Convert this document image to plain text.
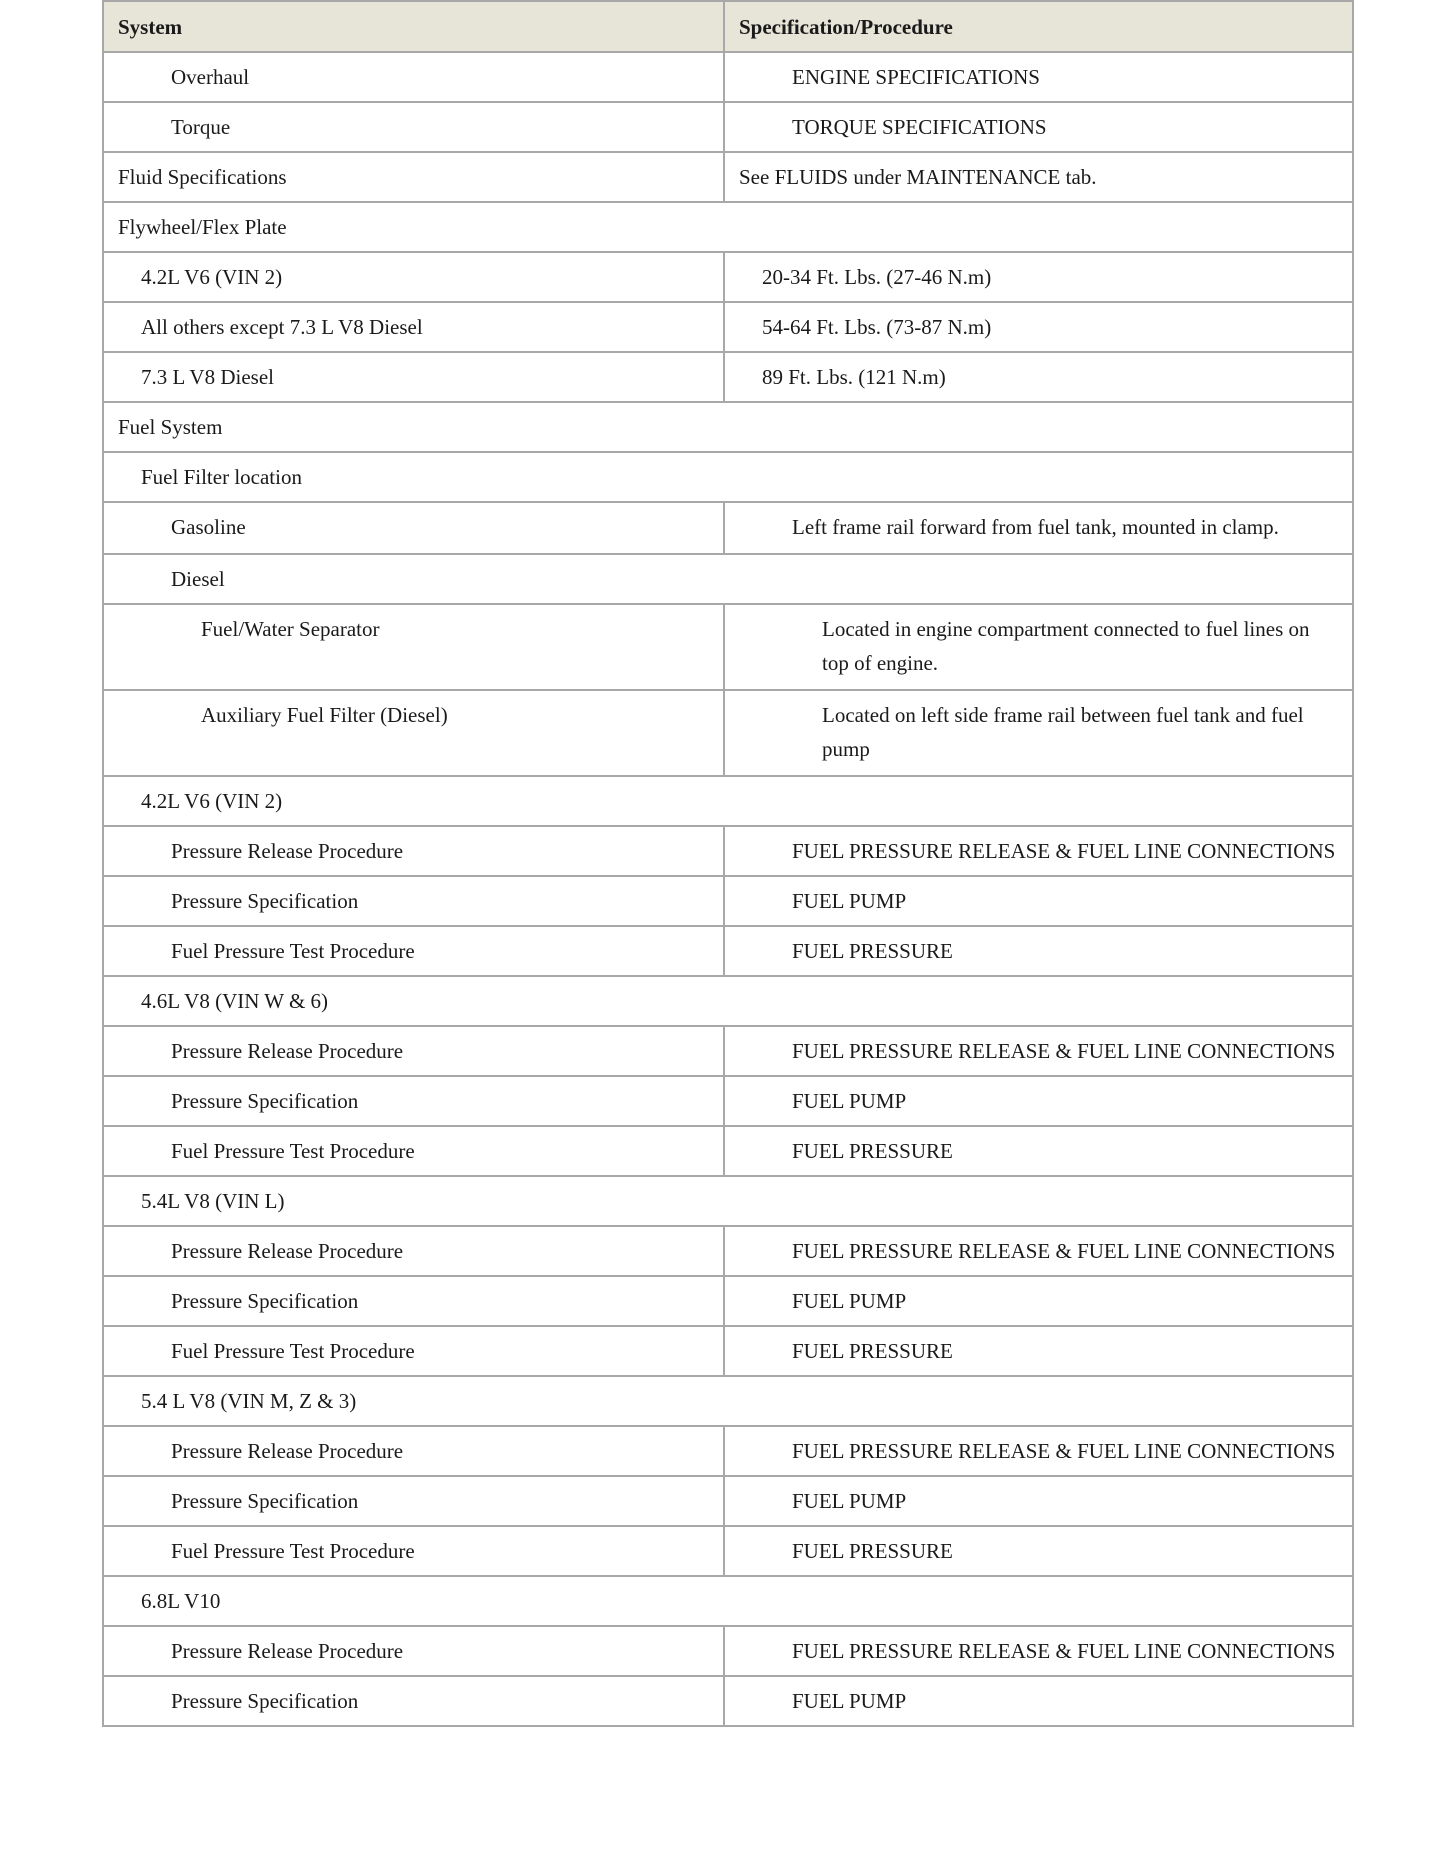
System	Specification/Procedure
Overhaul	ENGINE SPECIFICATIONS
Torque	TORQUE SPECIFICATIONS
Fluid Specifications	See FLUIDS under MAINTENANCE tab.
Flywheel/Flex Plate	
4.2L V6 (VIN 2)	20-34 Ft. Lbs. (27-46 N.m)
All others except 7.3 L V8 Diesel	54-64 Ft. Lbs. (73-87 N.m)
7.3 L V8 Diesel	89 Ft. Lbs. (121 N.m)
Fuel System	
Fuel Filter location	
Gasoline	Left frame rail forward from fuel tank, mounted in clamp.
Diesel	
Fuel/Water Separator	Located in engine compartment connected to fuel lines on top of engine.
Auxiliary Fuel Filter (Diesel)	Located on left side frame rail between fuel tank and fuel pump
4.2L V6 (VIN 2)	
Pressure Release Procedure	FUEL PRESSURE RELEASE & FUEL LINE CONNECTIONS
Pressure Specification	FUEL PUMP
Fuel Pressure Test Procedure	FUEL PRESSURE
4.6L V8 (VIN W & 6)	
Pressure Release Procedure	FUEL PRESSURE RELEASE & FUEL LINE CONNECTIONS
Pressure Specification	FUEL PUMP
Fuel Pressure Test Procedure	FUEL PRESSURE
5.4L V8 (VIN L)	
Pressure Release Procedure	FUEL PRESSURE RELEASE & FUEL LINE CONNECTIONS
Pressure Specification	FUEL PUMP
Fuel Pressure Test Procedure	FUEL PRESSURE
5.4 L V8 (VIN M, Z & 3)	
Pressure Release Procedure	FUEL PRESSURE RELEASE & FUEL LINE CONNECTIONS
Pressure Specification	FUEL PUMP
Fuel Pressure Test Procedure	FUEL PRESSURE
6.8L V10	
Pressure Release Procedure	FUEL PRESSURE RELEASE & FUEL LINE CONNECTIONS
Pressure Specification	FUEL PUMP
